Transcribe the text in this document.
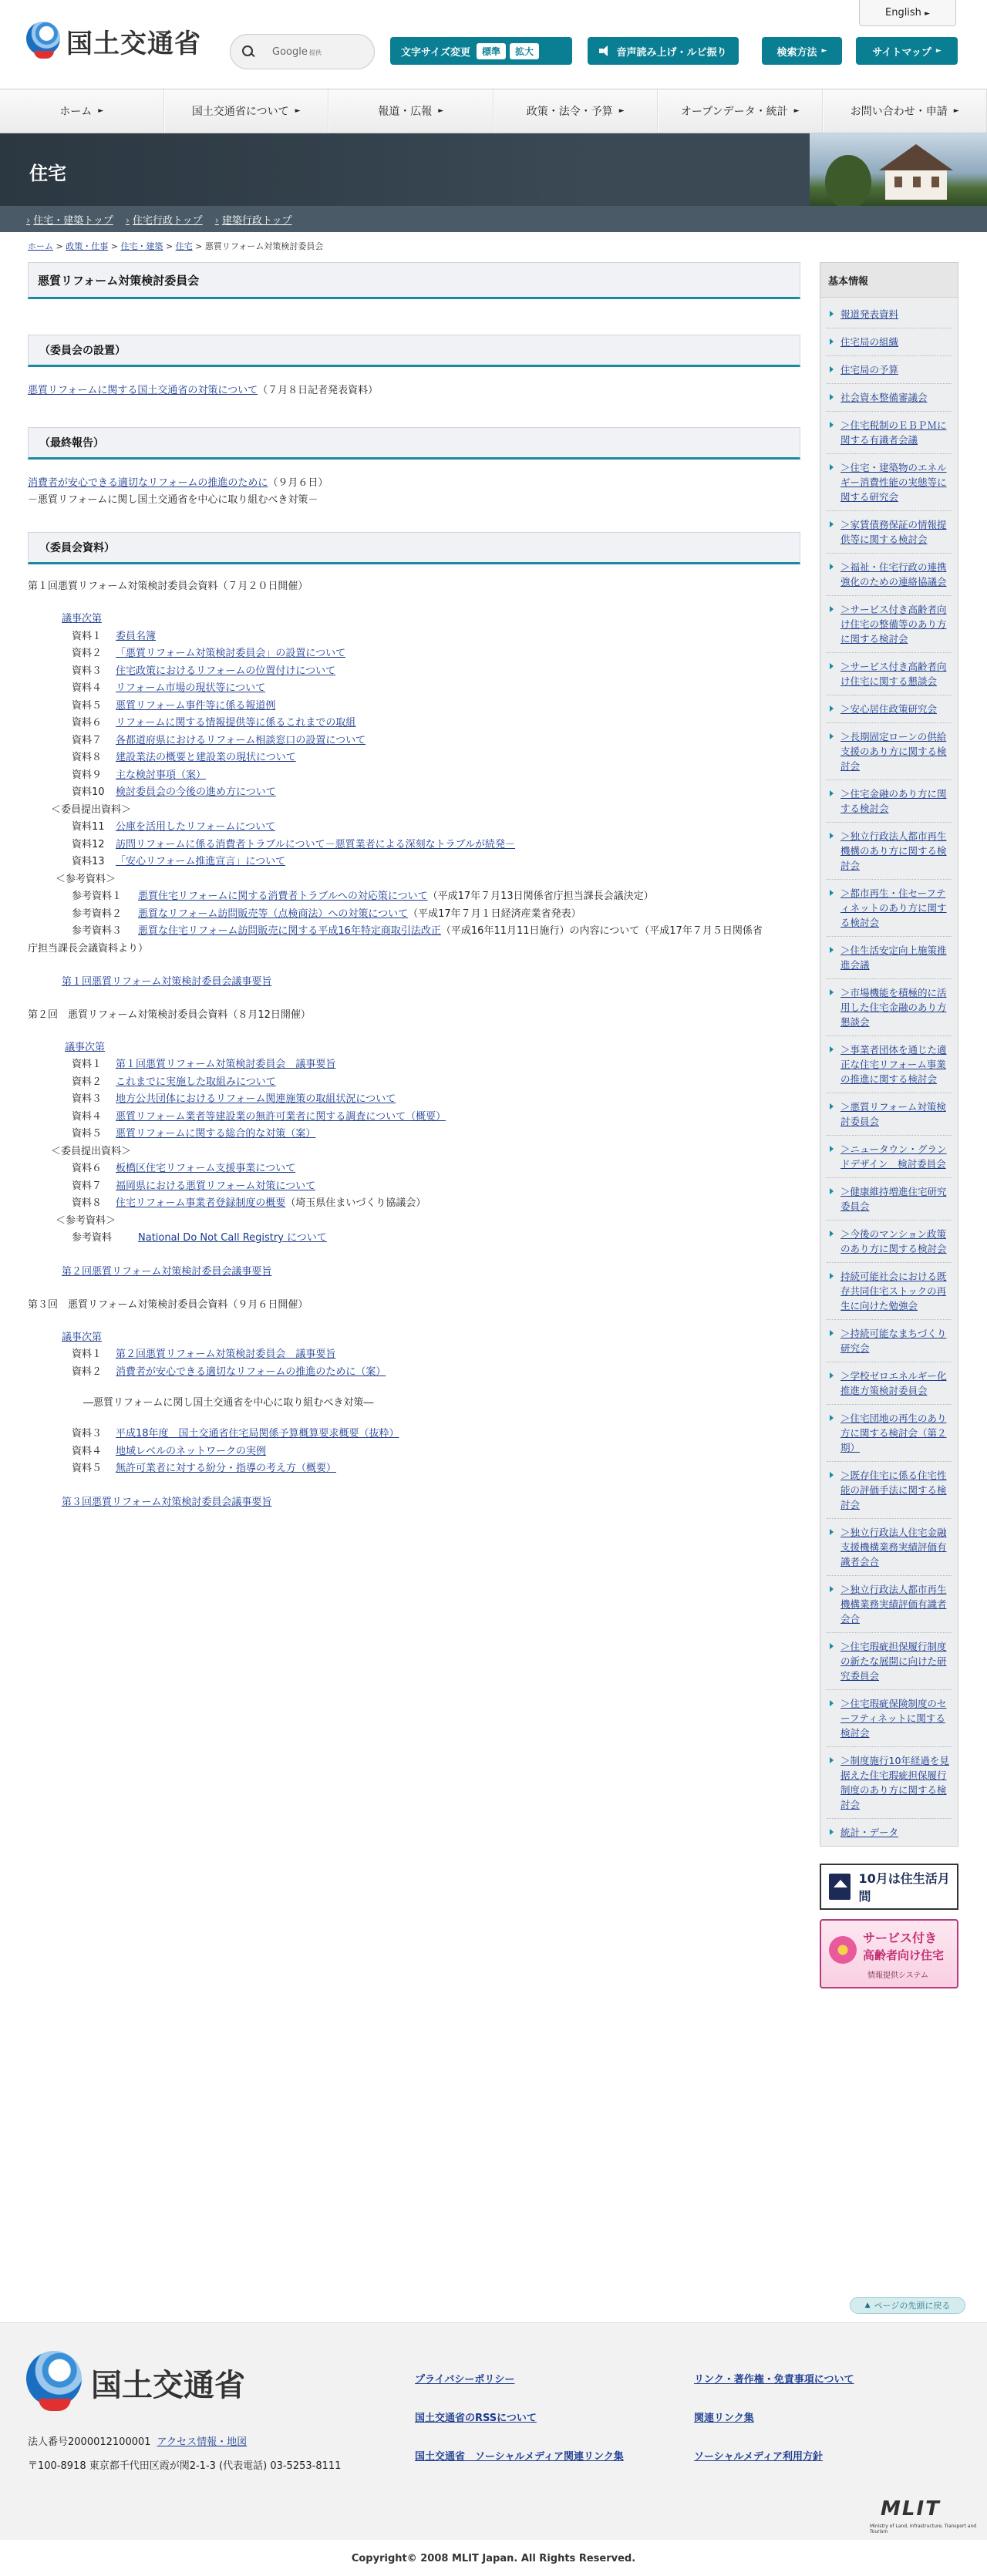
国土交通省
English ►
Google 提供	文字サイズ変更	標準	拡大	音声読み上げ・ルビ振り	検索方法 ►	サイトマップ ►
ホーム ►	国土交通省について ►	報道・広報 ►	政策・法令・予算 ►	オープンデータ・統計 ►	お問い合わせ・申請 ►
住宅
› 住宅・建築トップ › 住宅行政トップ › 建築行政トップ
ホーム > 政策・仕事 > 住宅・建築 > 住宅 > 悪質リフォーム対策検討委員会
悪質リフォーム対策検討委員会
（委員会の設置）
悪質リフォームに関する国土交通省の対策について（７月８日記者発表資料）
（最終報告）
消費者が安心できる適切なリフォームの推進のために（９月６日）
－悪質リフォームに関し国土交通省を中心に取り組むべき対策－
（委員会資料）
第１回悪質リフォーム対策検討委員会資料（７月２０日開催）
議事次第
資料１	委員名簿
資料２	「悪質リフォーム対策検討委員会」の設置について
資料３	住宅政策におけるリフォームの位置付けについて
資料４	リフォーム市場の現状等について
資料５	悪質リフォーム事件等に係る報道例
資料６	リフォームに関する情報提供等に係るこれまでの取組
資料７	各都道府県におけるリフォーム相談窓口の設置について
資料８	建設業法の概要と建設業の現状について
資料９	主な検討事項（案）
資料10	検討委員会の今後の進め方について
＜委員提出資料＞
資料11	公庫を活用したリフォームについて
資料12	訪問リフォームに係る消費者トラブルについて－悪質業者による深刻なトラブルが続発－
資料13	「安心リフォーム推進宣言」について
＜参考資料＞
参考資料１	悪質住宅リフォームに関する消費者トラブルへの対応策について （平成17年７月13日関係省庁担当課長会議決定）
参考資料２	悪質なリフォーム訪問販売等（点検商法）への対策について （平成17年７月１日経済産業省発表）
参考資料３	悪質な住宅リフォーム訪問販売に関する平成16年特定商取引法改正 （平成16年11月11日施行）の内容について（平成17年７月５日関係省
庁担当課長会議資料より）
第１回悪質リフォーム対策検討委員会議事要旨
第２回　悪質リフォーム対策検討委員会資料（８月12日開催）
議事次第
資料１	第１回悪質リフォーム対策検討委員会　議事要旨
資料２	これまでに実施した取組みについて
資料３	地方公共団体におけるリフォーム関連施策の取組状況について
資料４	悪質リフォーム業者等建設業の無許可業者に関する調査について（概要）
資料５	悪質リフォームに関する総合的な対策（案）
＜委員提出資料＞
資料６	板橋区住宅リフォーム支援事業について
資料７	福岡県における悪質リフォーム対策について
資料８	住宅リフォーム事業者登録制度の概要 （埼玉県住まいづくり協議会）
＜参考資料＞
参考資料	National Do Not Call Registry について
第２回悪質リフォーム対策検討委員会議事要旨
第３回　悪質リフォーム対策検討委員会資料（９月６日開催）
議事次第
資料１	第２回悪質リフォーム対策検討委員会　議事要旨
資料２	消費者が安心できる適切なリフォームの推進のために（案）
―悪質リフォームに関し国土交通省を中心に取り組むべき対策―
資料３	平成18年度　国土交通省住宅局関係予算概算要求概要（抜粋）
資料４	地域レベルのネットワークの実例
資料５	無許可業者に対する紛分・指導の考え方（概要）
第３回悪質リフォーム対策検討委員会議事要旨
基本情報
報道発表資料
住宅局の組織
住宅局の予算
社会資本整備審議会
＞住宅税制のＥＢＰＭに関する有識者会議
＞住宅・建築物のエネルギー消費性能の実態等に関する研究会
＞家賃債務保証の情報提供等に関する検討会
＞福祉・住宅行政の連携強化のための連絡協議会
＞サービス付き高齢者向け住宅の整備等のあり方に関する検討会
＞サービス付き高齢者向け住宅に関する懇談会
＞安心居住政策研究会
＞長期固定ローンの供給支援のあり方に関する検討会
＞住宅金融のあり方に関する検討会
＞独立行政法人都市再生機構のあり方に関する検討会
＞都市再生・住セーフティネットのあり方に関する検討会
＞住生活安定向上施策推進会議
＞市場機能を積極的に活用した住宅金融のあり方懇談会
＞事業者団体を通じた適正な住宅リフォーム事業の推進に関する検討会
＞悪質リフォーム対策検討委員会
＞ニュータウン・グランドデザイン　検討委員会
＞健康維持増進住宅研究委員会
＞今後のマンション政策のあり方に関する検討会
持続可能社会における既存共同住宅ストックの再生に向けた勉強会
＞持続可能なまちづくり研究会
＞学校ゼロエネルギー化推進方策検討委員会
＞住宅団地の再生のあり方に関する検討会（第２期）
＞既存住宅に係る住宅性能の評価手法に関する検討会
＞独立行政法人住宅金融支援機構業務実績評価有識者会合
＞独立行政法人都市再生機構業務実績評価有識者会合
＞住宅瑕疵担保履行制度の新たな展開に向けた研究委員会
＞住宅瑕疵保険制度のセーフティネットに関する検討会
＞制度施行10年経過を見据えた住宅瑕疵担保履行制度のあり方に関する検討会
統計・データ
10月は住生活月間
サービス付き
高齢者向け住宅
情報提供システム
▲ ページの先頭に戻る
国土交通省
法人番号2000012100001 アクセス情報・地図
〒100-8918 東京都千代田区霞が関2-1-3 (代表電話) 03-5253-8111
プライバシーポリシー	リンク・著作権・免責事項について
国土交通省のRSSについて	関連リンク集
国土交通省　ソーシャルメディア関連リンク集	ソーシャルメディア利用方針
MLIT
Ministry of Land, Infrastructure, Transport and Tourism
Copyright© 2008 MLIT Japan. All Rights Reserved.
